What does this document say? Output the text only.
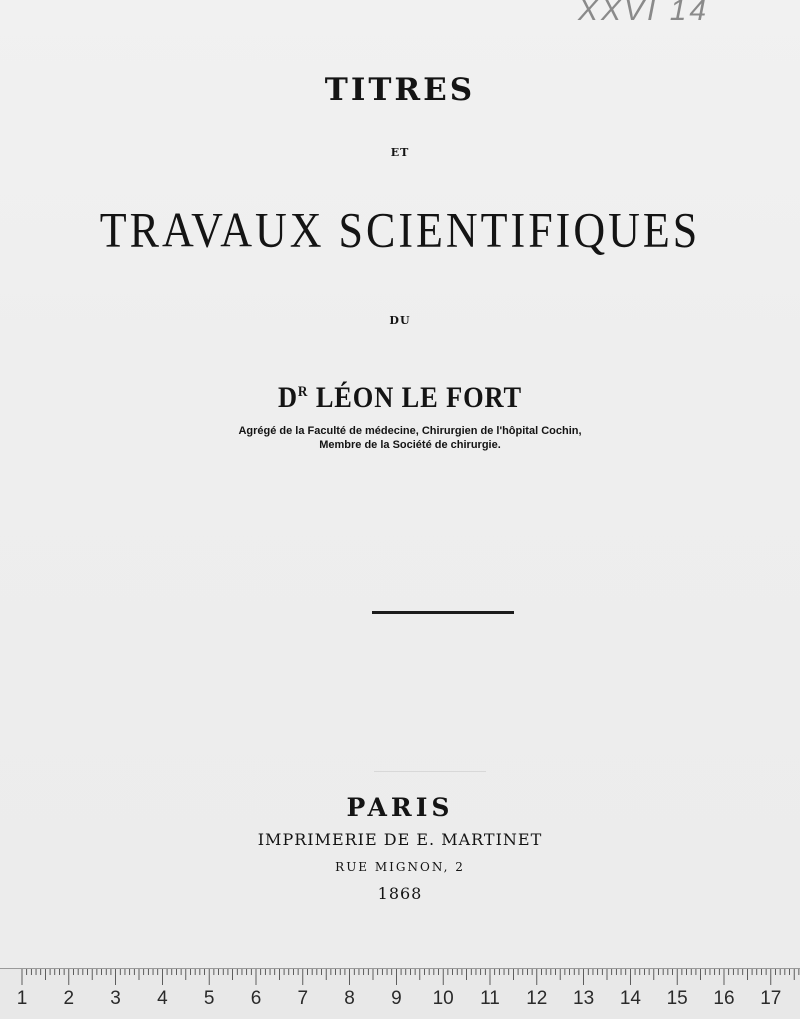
XXVI 14
TITRES
ET
TRAVAUX SCIENTIFIQUES
DU
$D^R$ LÉON LE FORT
Agrégé de la Faculté de médecine, Chirurgien de l'hôpital Cochin,
Membre de la Société de chirurgie.
PARIS
IMPRIMERIE DE E. MARTINET
RUE MIGNON, 2
1868
1 2 3 4 5 6 7 8 9 10 11 12 13 14 15 16 17
